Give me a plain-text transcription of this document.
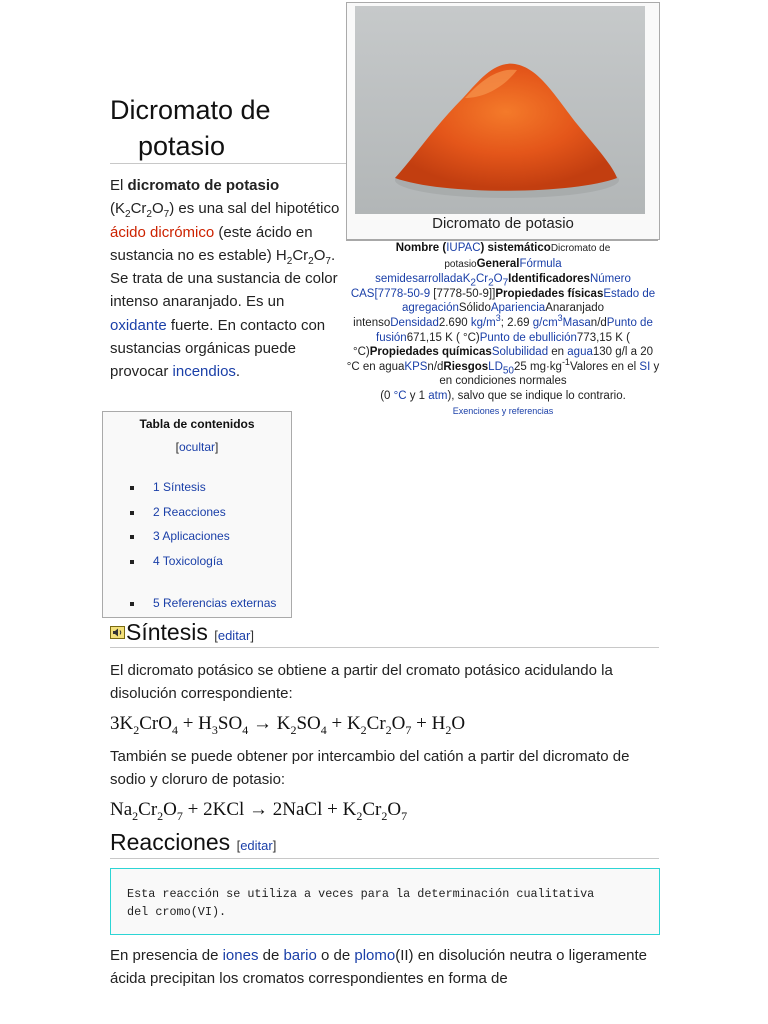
Dicromato de
potasio
El dicromato de potasio $(K_2Cr_2O_7)$ es una sal del hipotético ácido dicrómico (este ácido en sustancia no es estable) $H_2Cr_2O_7$. Se trata de una sustancia de color intenso anaranjado. Es un oxidante fuerte. En contacto con sustancias orgánicas puede provocar incendios.
Dicromato de potasio
Nombre (IUPAC) sistemáticoDicromato de potasioGeneralFórmula $semidesarrolladaK_2Cr_2O_7IdentificadoresNúmero$ CAS[7778-50-9 [7778-50-9]]Propiedades físicasEstado de agregaciónSólidoAparienciaAnaranjado intensoDensidad2.690 $kg/m^3$; 2.69 $g/cm^3Masan$/dPunto de fusión671,15 K ( °C)Punto de ebullición773,15 K ( °C)Propiedades químicasSolubilidad en agua130 g/l a 20 °C en aguaKPSn/dRiesgosLD$_{50}$25 $mg\cdot kg^{-1}Valores$ en el SI y en condiciones normales
(0 °C y 1 atm), salvo que se indique lo contrario.
Exenciones y referencias
Tabla de contenidos
[ocultar]
1 Síntesis
2 Reacciones
3 Aplicaciones
4 Toxicología
5 Referencias externas
Síntesis [editar]
El dicromato potásico se obtiene a partir del cromato potásico acidulando la disolución correspondiente:
$3K_2CrO_4 + H_3SO_4 \to K_2SO_4 + K_2Cr_2O_7 + H_2O$
También se puede obtener por intercambio del catión a partir del dicromato de sodio y cloruro de potasio:
$Na_2Cr_2O_7 + 2KCl$ → 2NaCl + $K_2Cr_2O_7$
Reacciones [editar]
Esta reacción se utiliza a veces para la determinación cualitativa
del cromo(VI).
En presencia de iones de bario o de plomo(II) en disolución neutra o ligeramente ácida precipitan los cromatos correspondientes en forma de
